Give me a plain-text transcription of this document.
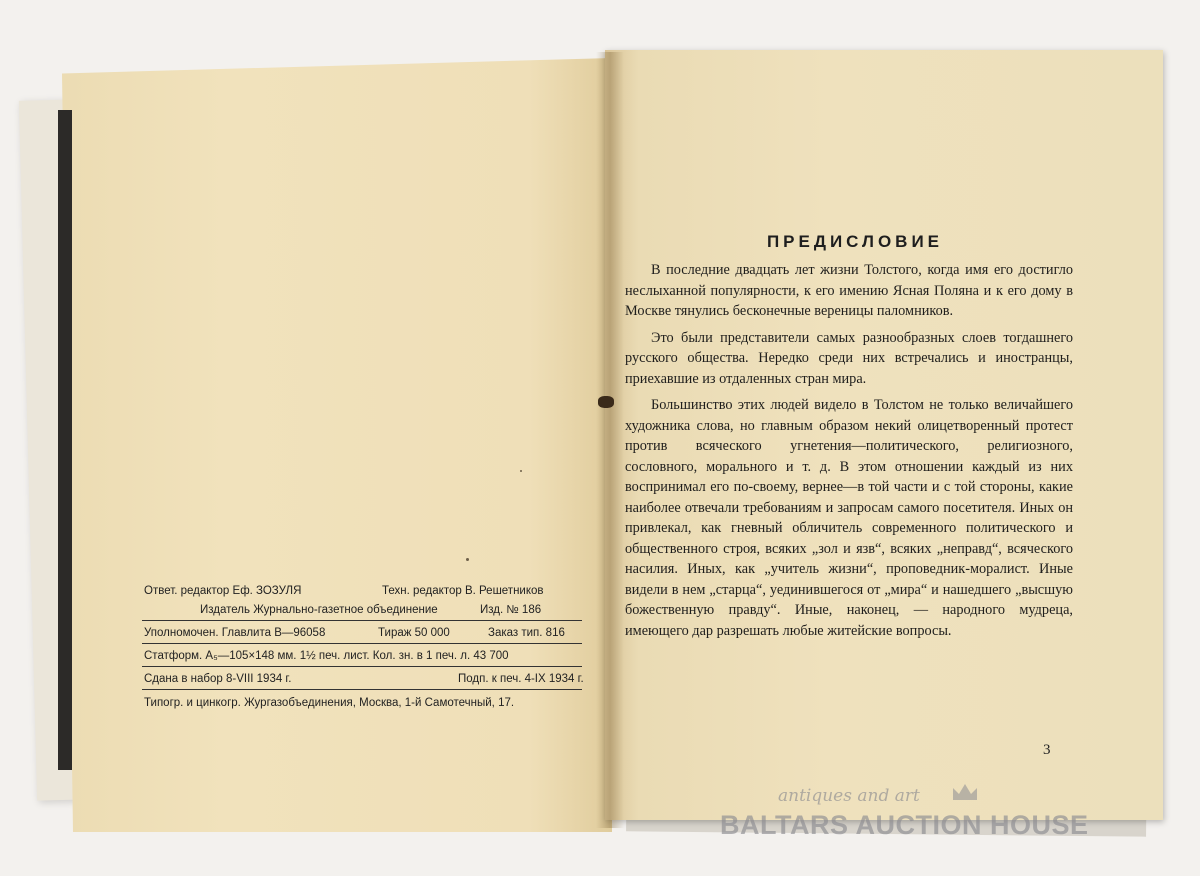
Ответ. редактор Еф. ЗОЗУЛЯ	Техн. редактор В. Решетников
Издатель Журнально-газетное объединение	Изд. № 186
Уполномочен. Главлита В—96058	Тираж 50 000	Заказ тип. 816
Статформ. А₅—105×148 мм. 1½ печ. лист. Кол. зн. в 1 печ. л. 43 700
Сдана в набор 8-VIII 1934 г.	Подп. к печ. 4-IX 1934 г.
Типогр. и цинкогр. Жургазобъединения, Москва, 1-й Самотечный, 17.
ПРЕДИСЛОВИЕ

В последние двадцать лет жизни Толстого, когда имя его достигло неслыханной популярности, к его имению Ясная Поляна и к его дому в Москве тянулись бесконечные вереницы паломников.

Это были представители самых разнообразных слоев тогдашнего русского общества. Нередко среди них встречались и иностранцы, приехавшие из отдаленных стран мира.

Большинство этих людей видело в Толстом не только величайшего художника слова, но главным образом некий олицетворенный протест против всяческого угнетения—политического, религиозного, сословного, морального и т. д. В этом отношении каждый из них воспринимал его по-своему, вернее—в той части и с той стороны, какие наиболее отвечали требованиям и запросам самого посетителя. Иных он привлекал, как гневный обличитель современного политического и общественного строя, всяких „зол и язв“, всяких „неправд“, всяческого насилия. Иных, как „учитель жизни“, проповедник-моралист. Иные видели в нем „старца“, уединившегося от „мира“ и нашедшего „высшую божественную правду“. Иные, наконец, — народного мудреца, имеющего дар разрешать любые житейские вопросы.

3
antiques and art
BALTARS AUCTION HOUSE
